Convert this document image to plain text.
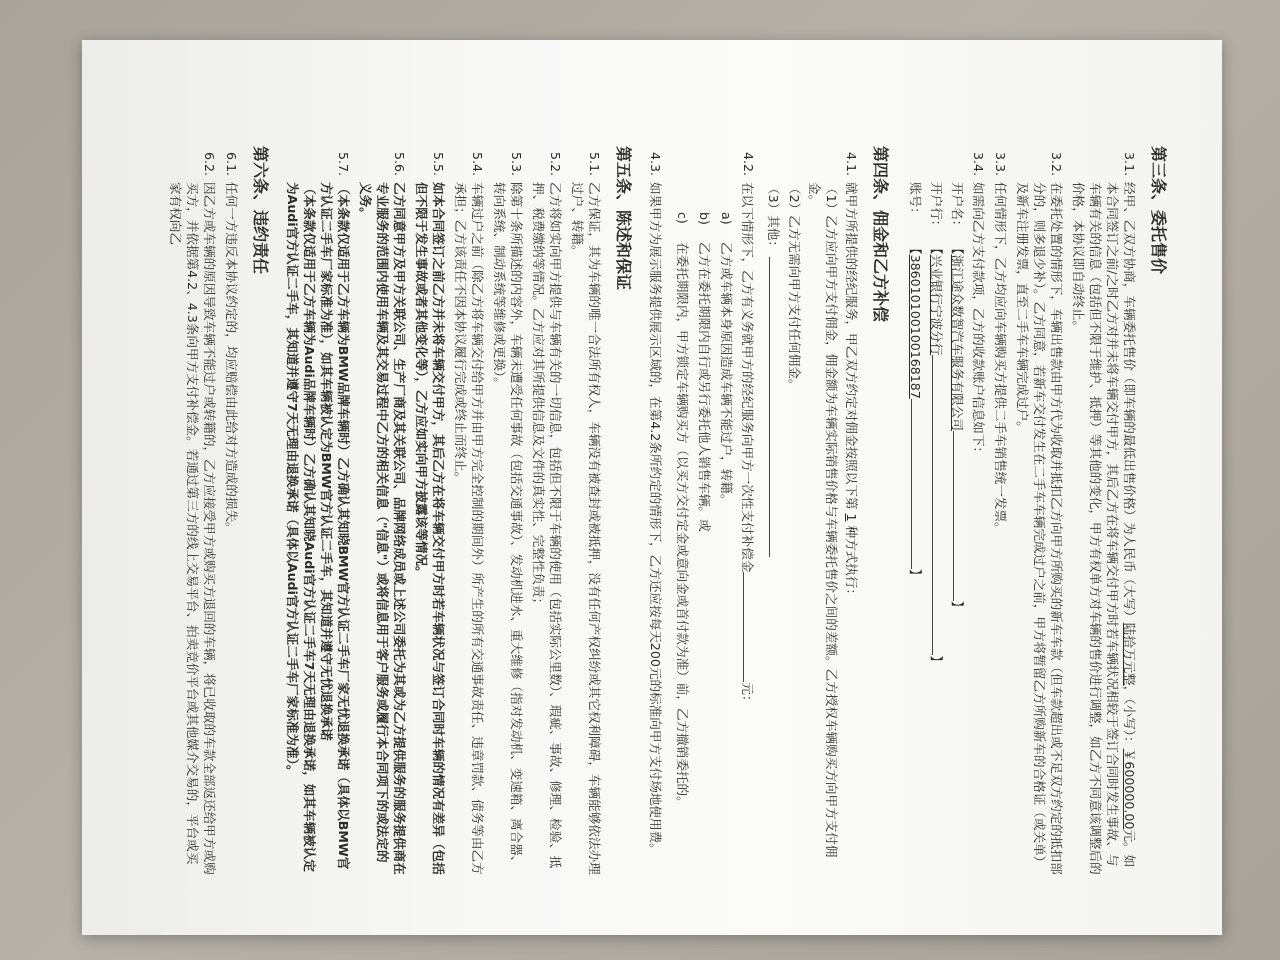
第三条、委托售价
3.1.
经甲、乙双方协商，车辆委托售价（即车辆的最低出售价格）为人民币（大写）陆拾万元整，（小写）：￥600000.00元。如本合同签订之前/之时乙方对并未将车辆交付甲方，其后乙方在将车辆交付甲方时若车辆状况相较于签订合同时发生事故、与车辆有关的信息（包括但不限于维护、抵押）等其他的变化，甲方有权单方对车辆的售价进行调整，如乙方不同意该调整后的价格，本协议即自动终止。
3.2.
在委托处置的情形下，车辆出售款由甲方代为收取并抵扣乙方向甲方所购买的新车车款（但车款超出或不足双方约定的抵扣部分的，则多退少补）。乙方同意，若新车交付发生在二手车车辆完成过户之前，甲方将暂留乙方所购新车的合格证（或关单）及新车注册发票，直至二手车车辆完成过户。
3.3.
任何情形下，乙方均应向车辆购买方提供二手车销售统一发票。
3.4.
如需向乙方支付款项，乙方的收款账户信息如下：
开户名： 【浙江途众数智汽车服务有限公司】
开户行： 【兴业银行宁波分行】
账号： 【386010100100168187】
第四条、佣金和乙方补偿
4.1.
就甲方所提供的经纪服务，甲乙双方约定对佣金按照以下第 1 种方式执行：
（1）乙方应向甲方支付佣金，佣金额为车辆实际销售价格与车辆委托售价之间的差额。乙方授权车辆购买方向甲方支付佣金。
（2）乙方无需向甲方支付任何佣金。
（3）其他：
4.2.
在以下情形下，乙方有义务就甲方的经纪服务向甲方一次性支付补偿金元：
a)
乙方或车辆本身原因造成车辆不能过户，转籍。
b)
乙方在委托期限内自行或另行委托他人销售车辆。或
c)
在委托期限内，甲方锁定车辆购买方（以买方交付定金或意向金或首付款为准）前，乙方撤销委托的。
4.3.
如果甲方为展示服务提供展示区域的，在第4.2条所约定的情形下，乙方还应按每天200元的标准向甲方支付场地使用费。
第五条、陈述和保证
5.1.
乙方保证，其为车辆的唯一合法所有权人，车辆没有被查封或被抵押，没有任何产权纠纷或其它权利障碍，车辆能够依法办理过户、转籍。
5.2.
乙方将如实向甲方提供与车辆有关的一切信息，包括但不限于车辆的使用（包括实际公里数）、瑕疵、事故、修理、检验、抵押、税费缴纳等情况。乙方应对其所提供信息及文件的真实性、完整性负责；
5.3.
除第十条所描述的内容外，车辆未遭受任何事故（包括交通事故）、发动机进水、重大维修（指对发动机、变速箱、离合器、转向系统、制动系统等维修或更换）。
5.4.
车辆过户之前（除乙方将车辆交付给甲方并由甲方完全控制的期间外）所产生的所有交通事故责任、违章罚款、债务等由乙方承担；乙方该责任不因本协议履行完成或终止而终止。
5.5.
如本合同签订之前乙方并未将车辆交付甲方，其后乙方在将车辆交付甲方时若车辆状况与签订合同时车辆的情况有差异（包括但不限于发生事故或者其他变化等），乙方应如实向甲方披露该等情况。
5.6.
乙方同意甲方及甲方关联公司、生产厂商及其关联公司、品牌网络成员或上述公司委托为其或为乙方提供服务的服务提供商在专业服务的范围内使用车辆及其交易过程中乙方的相关信息（"信息"）或将信息用于客户服务或履行本合同项下的或法定的义务。
5.7.
（本条款仅适用于乙方车辆为BMW品牌车辆时）乙方确认其知晓BMW官方认证二手车厂家无忧退换承诺（具体以BMW官方认证二手车厂家标准为准），如其车辆被认定为BMW官方认证二手车，其知道并遵守无忧退换承诺
（本条款仅适用于乙方车辆为Audi品牌车辆时）乙方确认其知晓Audi官方认证二手车7天无理由退换承诺，如其车辆被认定为Audi官方认证二手车，其知道并遵守7天无理由退换承诺（具体以Audi官方认证二手车厂家标准为准）。
第六条、违约责任
6.1.
任何一方违反本协议约定的，均应赔偿由此给对方造成的损失。
6.2.
因乙方或车辆的原因导致车辆不能过户或转籍的，乙方应接受甲方或购买方退回的车辆，将已收取的车款全部返还给甲方或购买方，并依据第4.2、4.3条向甲方支付补偿金。若通过第三方的线上交易平台、拍卖竞价平台或其他媒介交易的，平台或买家有权向乙
